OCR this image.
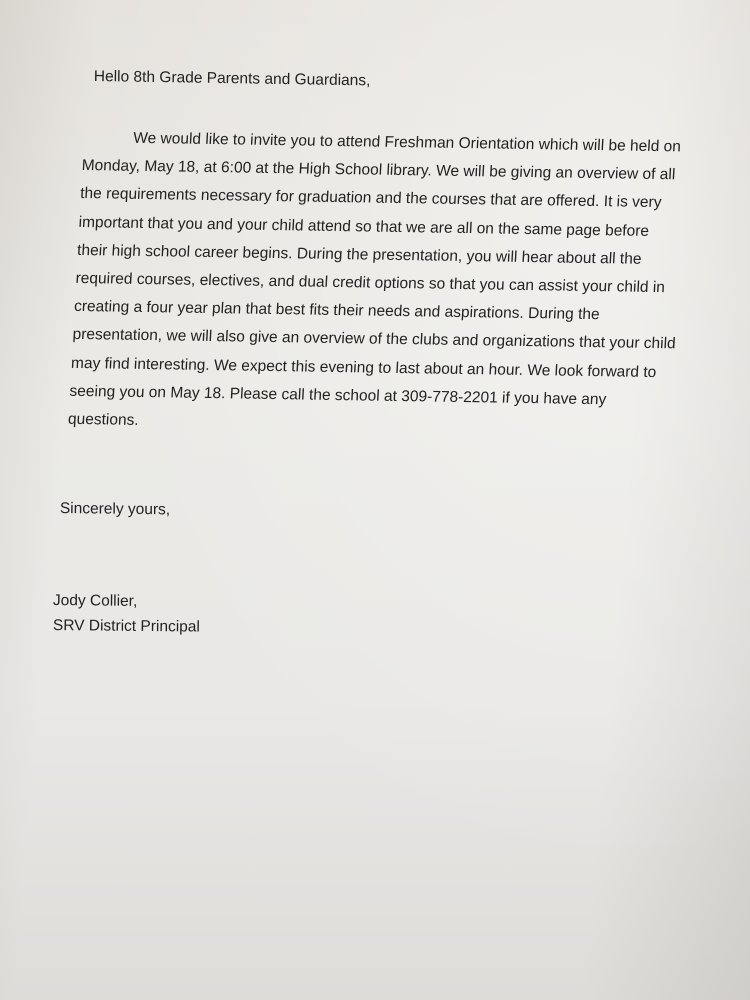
Hello 8th Grade Parents and Guardians,
We would like to invite you to attend Freshman Orientation which will be held on
Monday, May 18, at 6:00 at the High School library. We will be giving an overview of all
the requirements necessary for graduation and the courses that are offered. It is very
important that you and your child attend so that we are all on the same page before
their high school career begins. During the presentation, you will hear about all the
required courses, electives, and dual credit options so that you can assist your child in
creating a four year plan that best fits their needs and aspirations. During the
presentation, we will also give an overview of the clubs and organizations that your child
may find interesting. We expect this evening to last about an hour. We look forward to
seeing you on May 18. Please call the school at 309-778-2201 if you have any
questions.
Sincerely yours,
Jody Collier,
SRV District Principal
